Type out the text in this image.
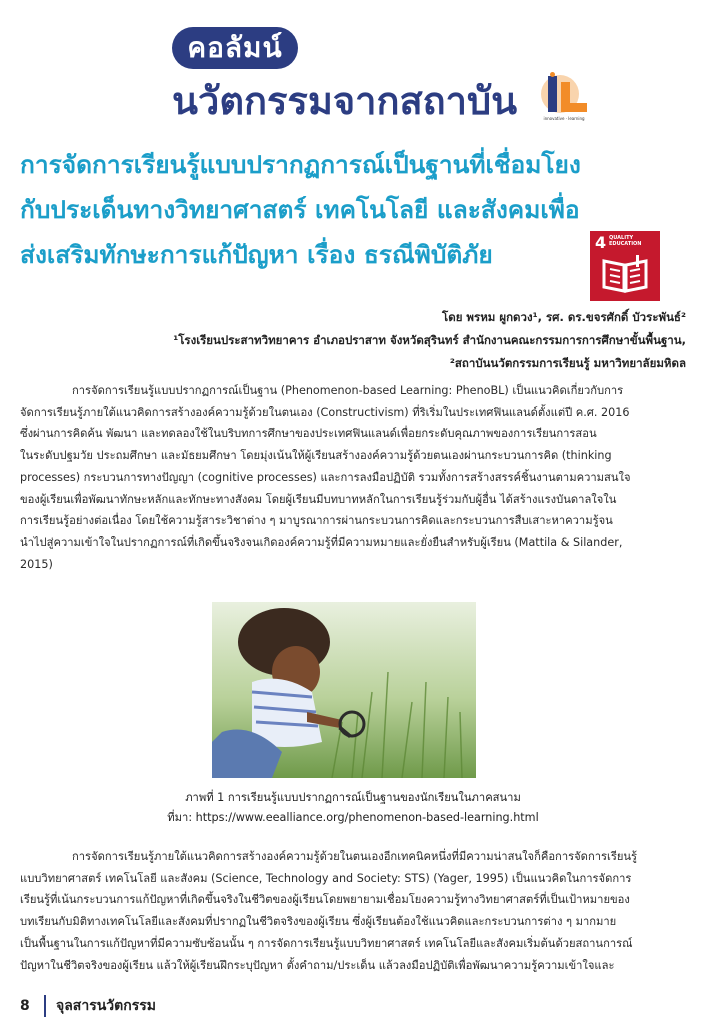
คอลัมน์
นวัตกรรมจากสถาบัน	innovative · learning
การจัดการเรียนรู้แบบปรากฏการณ์เป็นฐานที่เชื่อมโยง
กับประเด็นทางวิทยาศาสตร์ เทคโนโลยี และสังคมเพื่อ
ส่งเสริมทักษะการแก้ปัญหา เรื่อง ธรณีพิบัติภัย	4 QUALITY
EDUCATION
โดย พรหม ผูกดวง¹, รศ. ดร.ขจรศักดิ์ บัวระพันธ์²
¹โรงเรียนประสาทวิทยาคาร อำเภอปราสาท จังหวัดสุรินทร์ สำนักงานคณะกรรมการการศึกษาขั้นพื้นฐาน,
²สถาบันนวัตกรรมการเรียนรู้ มหาวิทยาลัยมหิดล
การจัดการเรียนรู้แบบปรากฏการณ์เป็นฐาน (Phenomenon-based Learning: PhenoBL) เป็นแนวคิดเกี่ยวกับการ
จัดการเรียนรู้ภายใต้แนวคิดการสร้างองค์ความรู้ด้วยในตนเอง (Constructivism) ที่ริเริ่มในประเทศฟินแลนด์ตั้งแต่ปี ค.ศ. 2016
ซึ่งผ่านการคิดค้น พัฒนา และทดลองใช้ในบริบทการศึกษาของประเทศฟินแลนด์เพื่อยกระดับคุณภาพของการเรียนการสอน
ในระดับปฐมวัย ประถมศึกษา และมัธยมศึกษา โดยมุ่งเน้นให้ผู้เรียนสร้างองค์ความรู้ด้วยตนเองผ่านกระบวนการคิด (thinking
processes) กระบวนการทางปัญญา (cognitive processes) และการลงมือปฏิบัติ รวมทั้งการสร้างสรรค์ชิ้นงานตามความสนใจ
ของผู้เรียนเพื่อพัฒนาทักษะหลักและทักษะทางสังคม โดยผู้เรียนมีบทบาทหลักในการเรียนรู้ร่วมกับผู้อื่น ได้สร้างแรงบันดาลใจใน
การเรียนรู้อย่างต่อเนื่อง โดยใช้ความรู้สาระวิชาต่าง ๆ มาบูรณาการผ่านกระบวนการคิดและกระบวนการสืบเสาะหาความรู้จน
นำไปสู่ความเข้าใจในปรากฏการณ์ที่เกิดขึ้นจริงจนเกิดองค์ความรู้ที่มีความหมายและยั่งยืนสำหรับผู้เรียน (Mattila & Silander,
2015)
ภาพที่ 1 การเรียนรู้แบบปรากฏการณ์เป็นฐานของนักเรียนในภาคสนาม
ที่มา: https://www.eealliance.org/phenomenon-based-learning.html
การจัดการเรียนรู้ภายใต้แนวคิดการสร้างองค์ความรู้ด้วยในตนเองอีกเทคนิคหนึ่งที่มีความน่าสนใจก็คือการจัดการเรียนรู้
แบบวิทยาศาสตร์ เทคโนโลยี และสังคม (Science, Technology and Society: STS) (Yager, 1995) เป็นแนวคิดในการจัดการ
เรียนรู้ที่เน้นกระบวนการแก้ปัญหาที่เกิดขึ้นจริงในชีวิตของผู้เรียนโดยพยายามเชื่อมโยงความรู้ทางวิทยาศาสตร์ที่เป็นเป้าหมายของ
บทเรียนกับมิติทางเทคโนโลยีและสังคมที่ปรากฏในชีวิตจริงของผู้เรียน ซึ่งผู้เรียนต้องใช้แนวคิดและกระบวนการต่าง ๆ มากมาย
เป็นพื้นฐานในการแก้ปัญหาที่มีความซับซ้อนนั้น ๆ การจัดการเรียนรู้แบบวิทยาศาสตร์ เทคโนโลยีและสังคมเริ่มต้นด้วยสถานการณ์
ปัญหาในชีวิตจริงของผู้เรียน แล้วให้ผู้เรียนฝึกระบุปัญหา ตั้งคำถาม/ประเด็น แล้วลงมือปฏิบัติเพื่อพัฒนาความรู้ความเข้าใจและ
8 จุลสารนวัตกรรม
